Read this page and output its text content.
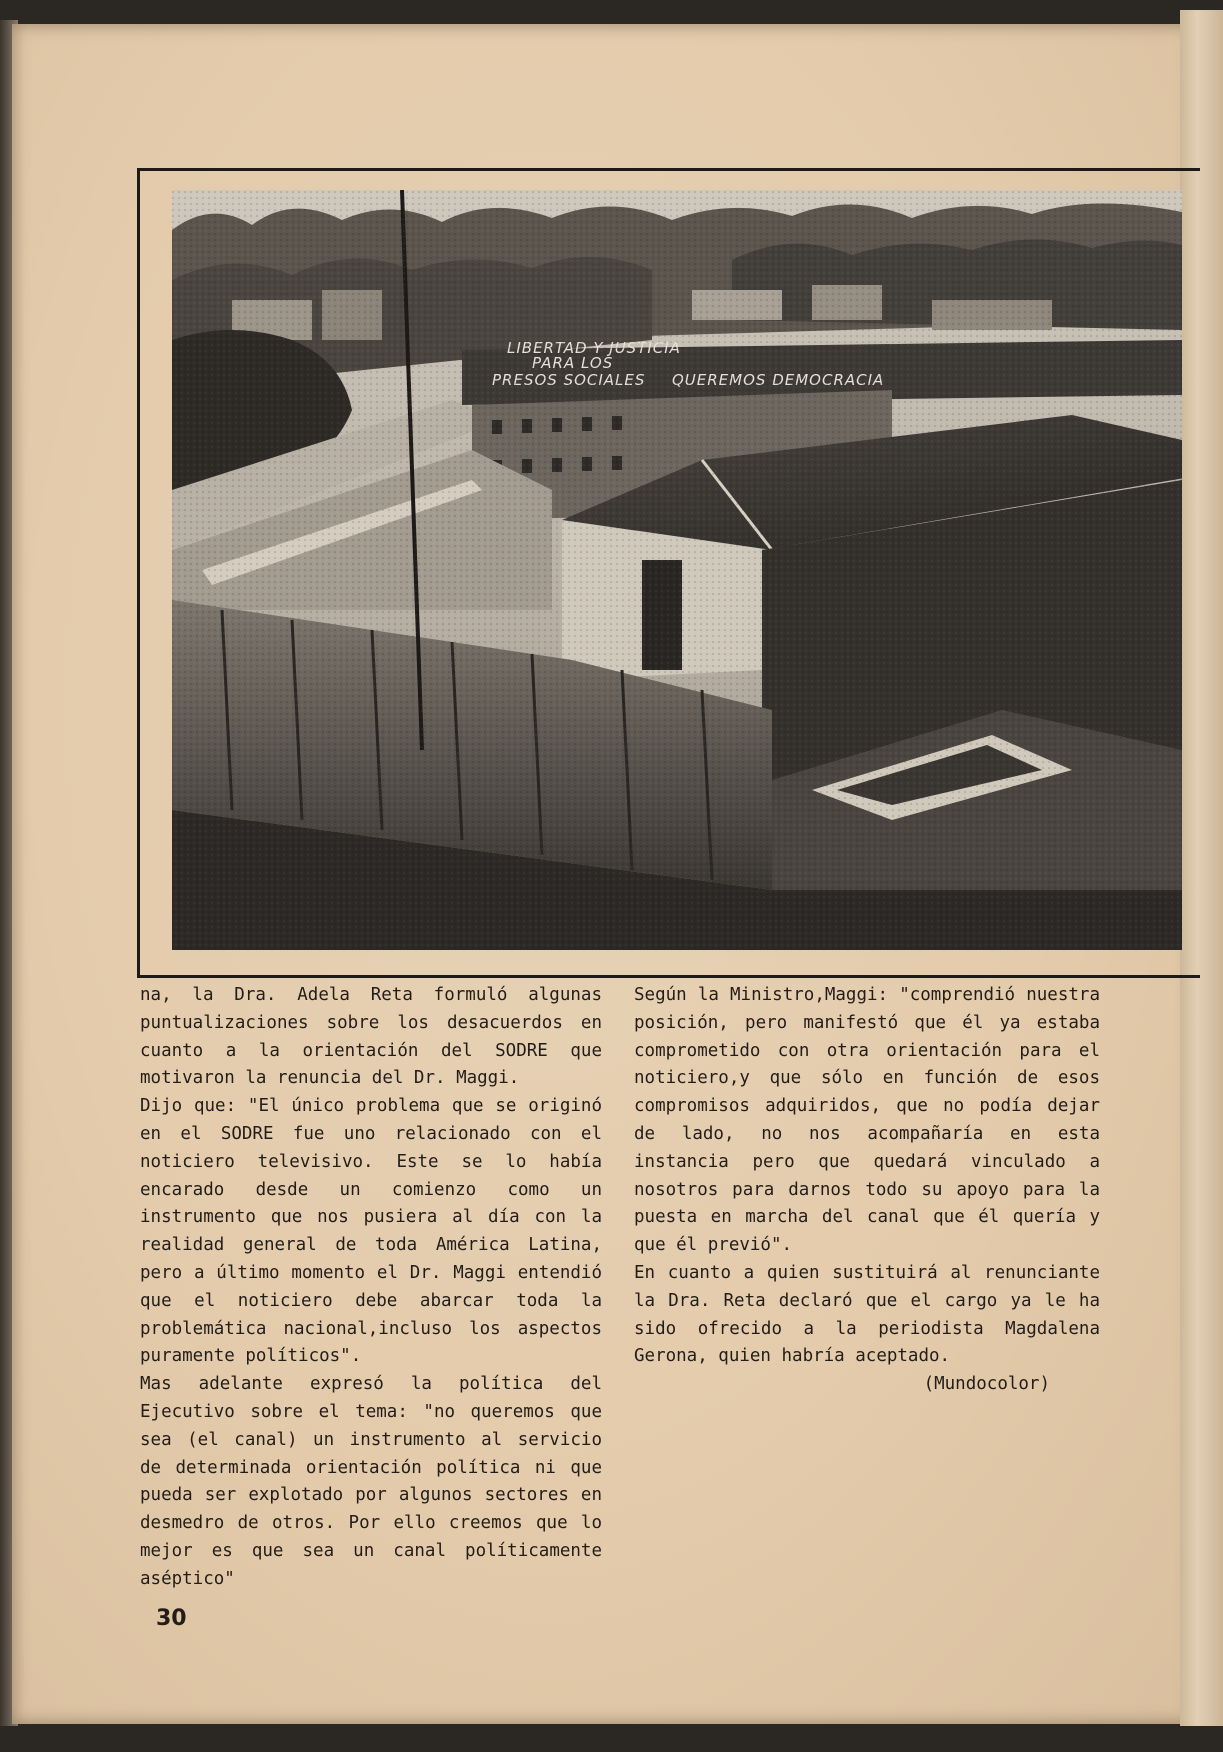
na, la Dra. Adela Reta formuló algunas puntualizaciones sobre los desacuerdos en cuanto a la orientación del SODRE que motivaron la renuncia del Dr. Maggi.

Dijo que: "El único problema que se originó en el SODRE fue uno relacionado con el noticiero televisivo. Este se lo había encarado desde un comienzo como un instrumento que nos pusiera al día con la realidad general de toda América Latina, pero a último momento el Dr. Maggi entendió que el noticiero debe abarcar toda la problemática nacional,incluso los aspectos puramente políticos".

Mas adelante expresó la política del Ejecutivo sobre el tema: "no queremos que sea (el canal) un instrumento al servicio de determinada orientación política ni que pueda ser explotado por algunos sectores en desmedro de otros. Por ello creemos que lo mejor es que sea un canal políticamente aséptico"

Según la Ministro,Maggi: "comprendió nuestra posición, pero manifestó que él ya estaba comprometido con otra orientación para el noticiero,y que sólo en función de esos compromisos adquiridos, que no podía dejar de lado, no nos acompañaría en esta instancia pero que quedará vinculado a nosotros para darnos todo su apoyo para la puesta en marcha del canal que él quería y que él previó".

En cuanto a quien sustituirá al renunciante la Dra. Reta declaró que el cargo ya le ha sido ofrecido a la periodista Magdalena Gerona, quien habría aceptado.

(Mundocolor)

30
